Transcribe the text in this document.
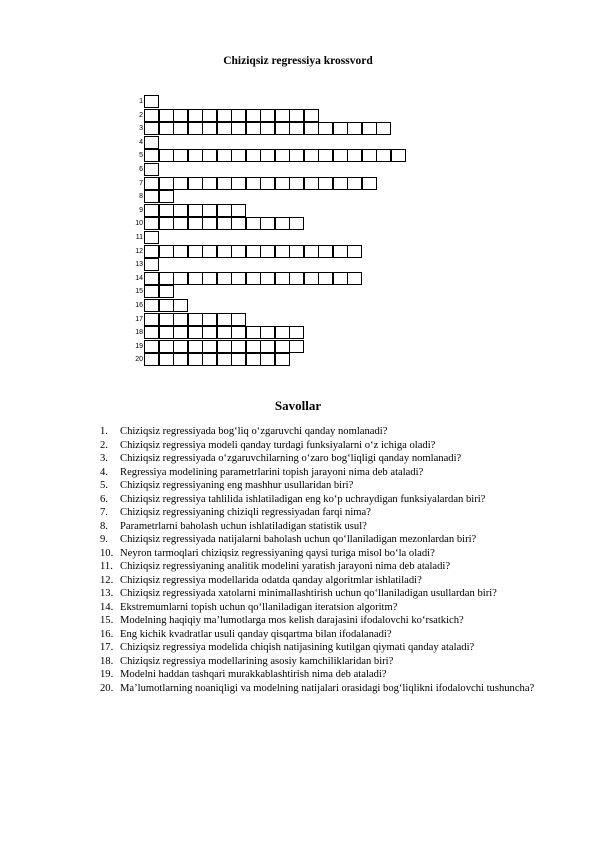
Chiziqsiz regressiya krossvord
1
2
3
4
5
6
7
8
9
10
11
12
13
14
15
16
17
18
19
20
Savollar
1. Chiziqsiz regressiyada bog‘liq o‘zgaruvchi qanday nomlanadi?
2. Chiziqsiz regressiya modeli qanday turdagi funksiyalarni o‘z ichiga oladi?
3. Chiziqsiz regressiyada o‘zgaruvchilarning o‘zaro bog‘liqligi qanday nomlanadi?
4. Regressiya modelining parametrlarini topish jarayoni nima deb ataladi?
5. Chiziqsiz regressiyaning eng mashhur usullaridan biri?
6. Chiziqsiz regressiya tahlilida ishlatiladigan eng ko‘p uchraydigan funksiyalardan biri?
7. Chiziqsiz regressiyaning chiziqli regressiyadan farqi nima?
8. Parametrlarni baholash uchun ishlatiladigan statistik usul?
9. Chiziqsiz regressiyada natijalarni baholash uchun qo‘llaniladigan mezonlardan biri?
10. Neyron tarmoqlari chiziqsiz regressiyaning qaysi turiga misol bo‘la oladi?
11. Chiziqsiz regressiyaning analitik modelini yaratish jarayoni nima deb ataladi?
12. Chiziqsiz regressiya modellarida odatda qanday algoritmlar ishlatiladi?
13. Chiziqsiz regressiyada xatolarni minimallashtirish uchun qo‘llaniladigan usullardan biri?
14. Ekstremumlarni topish uchun qo‘llaniladigan iteratsion algoritm?
15. Modelning haqiqiy ma’lumotlarga mos kelish darajasini ifodalovchi ko‘rsatkich?
16. Eng kichik kvadratlar usuli qanday qisqartma bilan ifodalanadi?
17. Chiziqsiz regressiya modelida chiqish natijasining kutilgan qiymati qanday ataladi?
18. Chiziqsiz regressiya modellarining asosiy kamchiliklaridan biri?
19. Modelni haddan tashqari murakkablashtirish nima deb ataladi?
20. Ma’lumotlarning noaniqligi va modelning natijalari orasidagi bog‘liqlikni ifodalovchi tushuncha?
